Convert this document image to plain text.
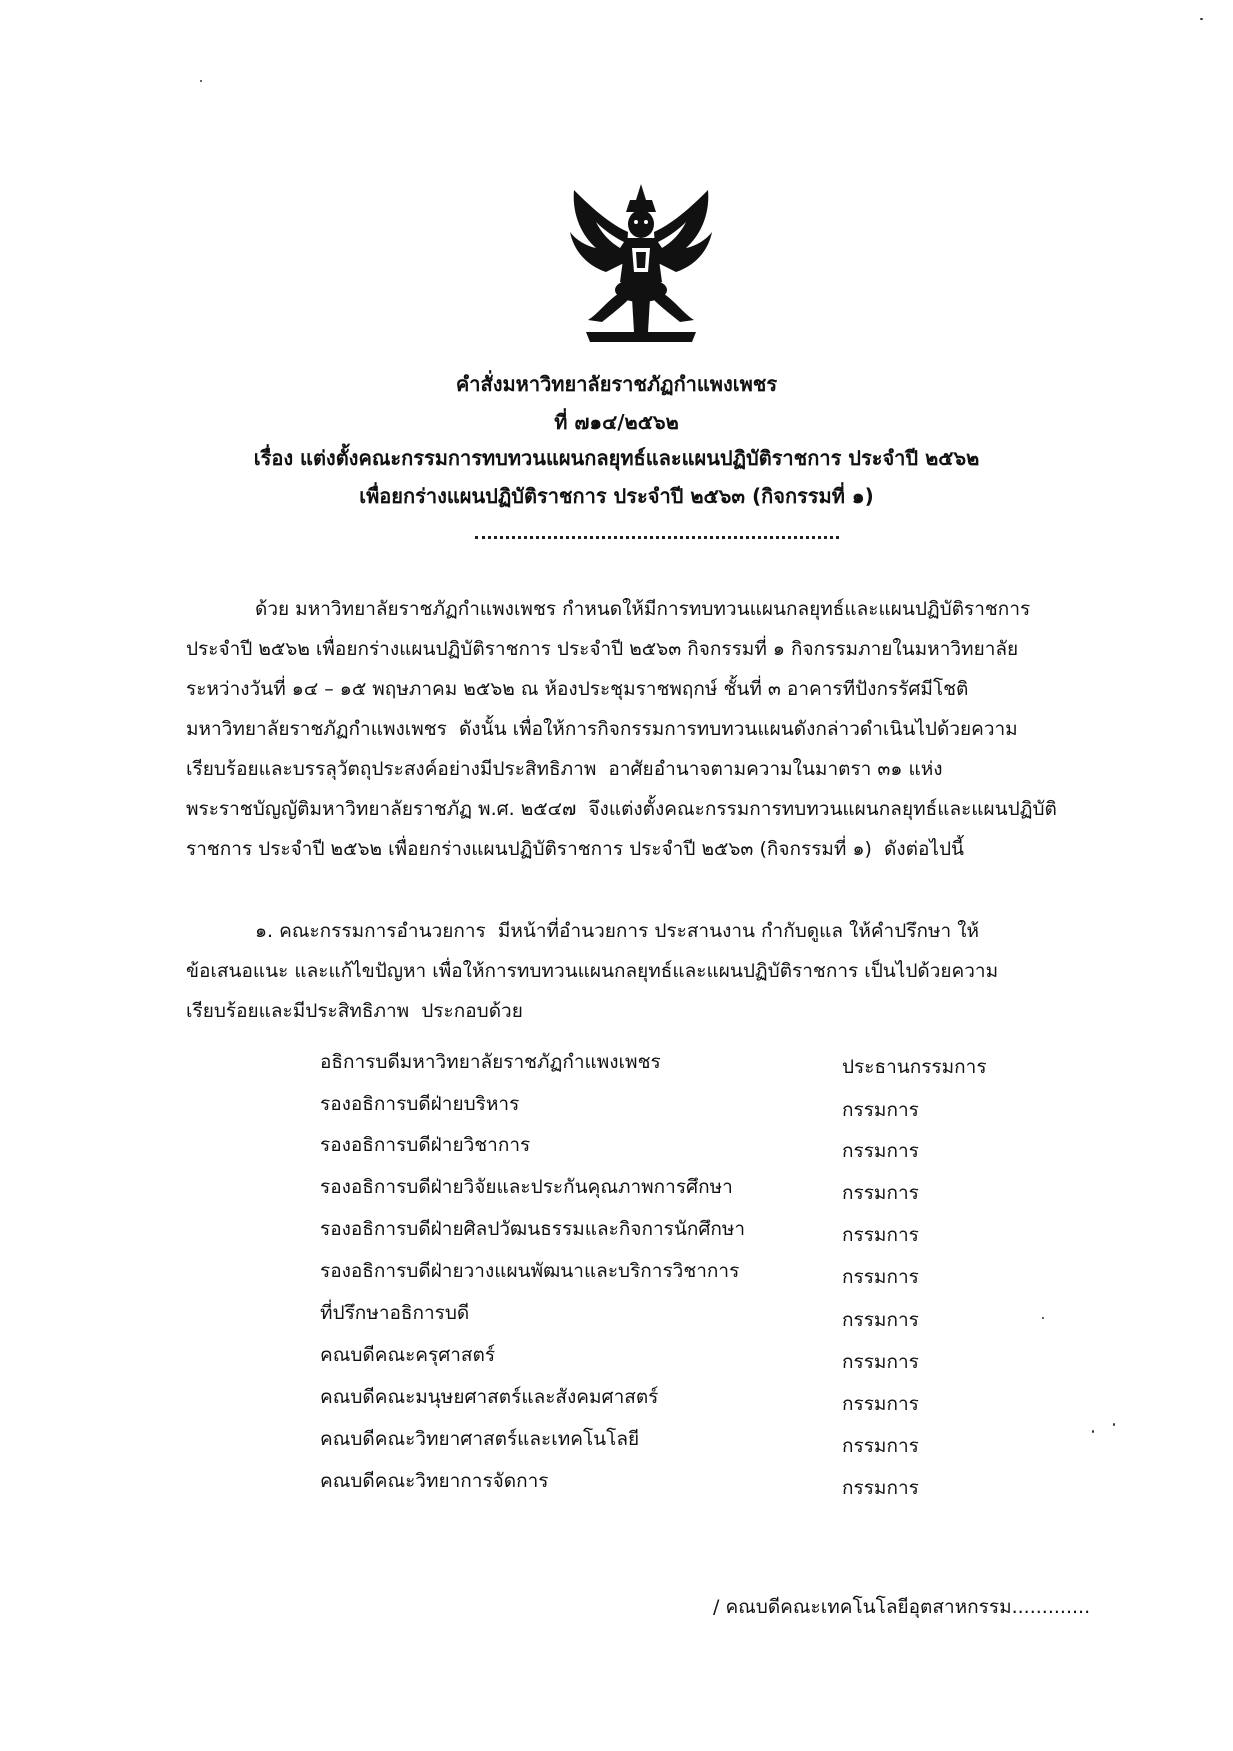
คำสั่งมหาวิทยาลัยราชภัฏกำแพงเพชร
ที่ ๗๑๔/๒๕๖๒
เรื่อง แต่งตั้งคณะกรรมการทบทวนแผนกลยุทธ์และแผนปฏิบัติราชการ ประจำปี ๒๕๖๒
เพื่อยกร่างแผนปฏิบัติราชการ ประจำปี ๒๕๖๓ (กิจกรรมที่ ๑)
ด้วย มหาวิทยาลัยราชภัฏกำแพงเพชร กำหนดให้มีการทบทวนแผนกลยุทธ์และแผนปฏิบัติราชการ
ประจำปี ๒๕๖๒ เพื่อยกร่างแผนปฏิบัติราชการ ประจำปี ๒๕๖๓ กิจกรรมที่ ๑ กิจกรรมภายในมหาวิทยาลัย
ระหว่างวันที่ ๑๔ – ๑๕ พฤษภาคม ๒๕๖๒ ณ ห้องประชุมราชพฤกษ์ ชั้นที่ ๓ อาคารทีปังกรรัศมีโชติ
มหาวิทยาลัยราชภัฏกำแพงเพชร  ดังนั้น เพื่อให้การกิจกรรมการทบทวนแผนดังกล่าวดำเนินไปด้วยความ
เรียบร้อยและบรรลุวัตถุประสงค์อย่างมีประสิทธิภาพ  อาศัยอำนาจตามความในมาตรา ๓๑ แห่ง
พระราชบัญญัติมหาวิทยาลัยราชภัฏ พ.ศ. ๒๕๔๗  จึงแต่งตั้งคณะกรรมการทบทวนแผนกลยุทธ์และแผนปฏิบัติ
ราชการ ประจำปี ๒๕๖๒ เพื่อยกร่างแผนปฏิบัติราชการ ประจำปี ๒๕๖๓ (กิจกรรมที่ ๑)  ดังต่อไปนี้
๑. คณะกรรมการอำนวยการ  มีหน้าที่อำนวยการ ประสานงาน กำกับดูแล ให้คำปรึกษา ให้
ข้อเสนอแนะ และแก้ไขปัญหา เพื่อให้การทบทวนแผนกลยุทธ์และแผนปฏิบัติราชการ เป็นไปด้วยความ
เรียบร้อยและมีประสิทธิภาพ  ประกอบด้วย
อธิการบดีมหาวิทยาลัยราชภัฏกำแพงเพชร	ประธานกรรมการ
รองอธิการบดีฝ่ายบริหาร	กรรมการ
รองอธิการบดีฝ่ายวิชาการ	กรรมการ
รองอธิการบดีฝ่ายวิจัยและประกันคุณภาพการศึกษา	กรรมการ
รองอธิการบดีฝ่ายศิลปวัฒนธรรมและกิจการนักศึกษา	กรรมการ
รองอธิการบดีฝ่ายวางแผนพัฒนาและบริการวิชาการ	กรรมการ
ที่ปรึกษาอธิการบดี	กรรมการ
คณบดีคณะครุศาสตร์	กรรมการ
คณบดีคณะมนุษยศาสตร์และสังคมศาสตร์	กรรมการ
คณบดีคณะวิทยาศาสตร์และเทคโนโลยี	กรรมการ
คณบดีคณะวิทยาการจัดการ	กรรมการ
/ คณบดีคณะเทคโนโลยีอุตสาหกรรม.............
